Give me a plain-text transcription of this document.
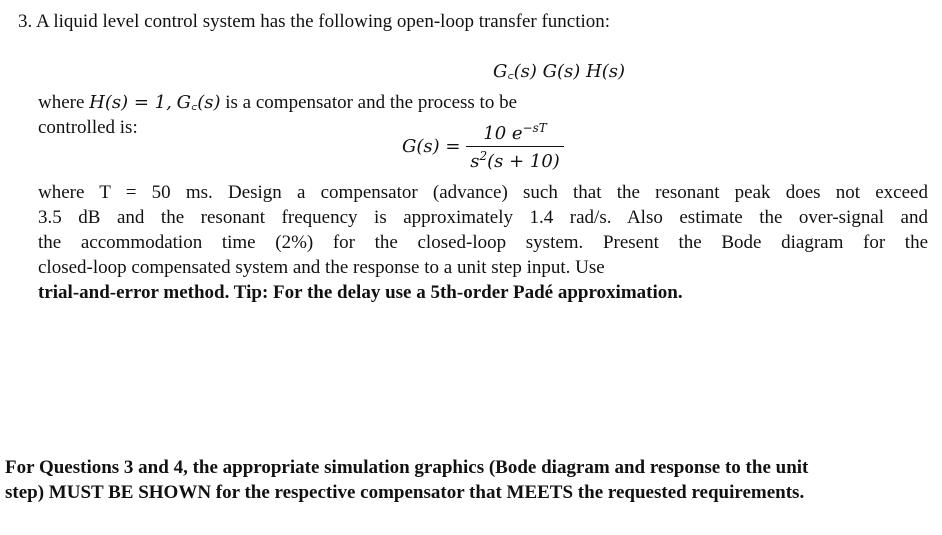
3. A liquid level control system has the following open-loop transfer function:
G꜀(s) G(s) H(s)
where H(s) = 1, G꜀(s) is a compensator and the process to be
controlled is:
$G(s) = \frac{10 e^{-sT}}{s^2(s + 10)}$
where T = 50 ms. Design a compensator (advance) such that the resonant peak does not exceed
3.5 dB and the resonant frequency is approximately 1.4 rad/s. Also estimate the over-signal and
the accommodation time (2%) for the closed-loop system. Present the Bode diagram for the
closed-loop compensated system and the response to a unit step input. Use
trial-and-error method. Tip: For the delay use a 5th-order Padé approximation.
For Questions 3 and 4, the appropriate simulation graphics (Bode diagram and response to the unit
step) MUST BE SHOWN for the respective compensator that MEETS the requested requirements.
